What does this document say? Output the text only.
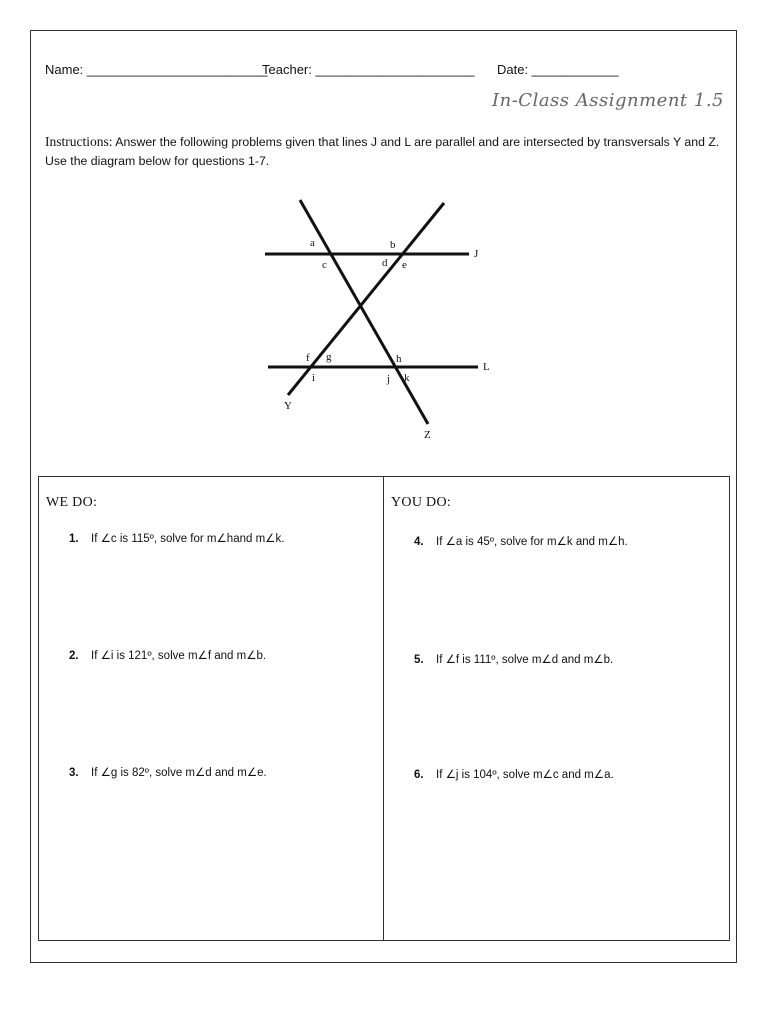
Name: _________________________
Teacher: ______________________ Date: ____________
In-Class Assignment 1.5
Instructions: Answer the following problems given that lines J and L are parallel and are intersected by transversals Y and Z. Use the diagram below for questions 1-7.
a	b
c	d e
f g	h
i	j k
J
L
Y
Z
WE DO:
1. If ∠c is 115º, solve for m∠hand m∠k.
2. If ∠i is 121º, solve m∠f and m∠b.
3. If ∠g is 82º, solve m∠d and m∠e.
YOU DO:
4. If ∠a is 45º, solve for m∠k and m∠h.
5. If ∠f is 111º, solve m∠d and m∠b.
6. If ∠j is 104º, solve m∠c and m∠a.
